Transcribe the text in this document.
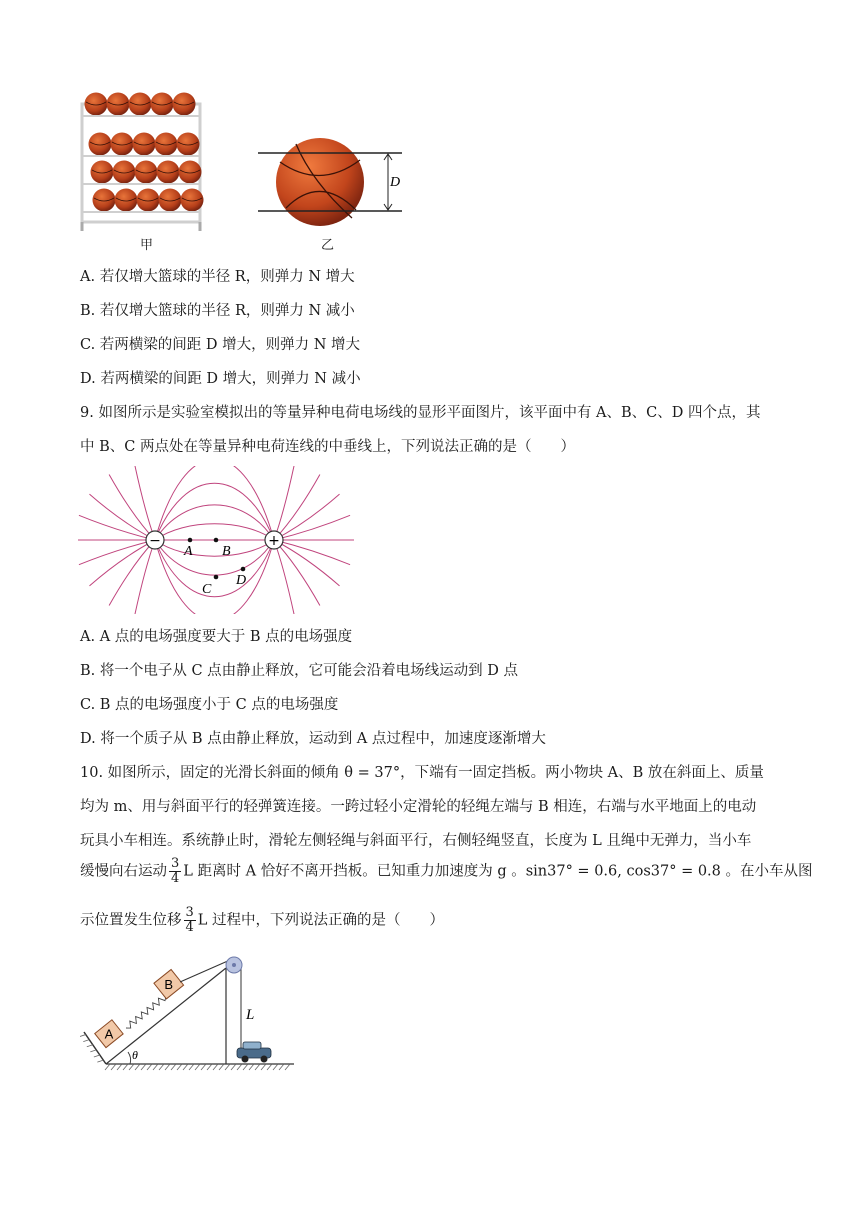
甲
D
乙
A. 若仅增大篮球的半径 R，则弹力 N 增大
B. 若仅增大篮球的半径 R，则弹力 N 减小
C. 若两横梁的间距 D 增大，则弹力 N 增大
D. 若两横梁的间距 D 增大，则弹力 N 减小
9. 如图所示是实验室模拟出的等量异种电荷电场线的显形平面图片，该平面中有 A、B、C、D 四个点，其
中 B、C 两点处在等量异种电荷连线的中垂线上，下列说法正确的是（　　）
−	+
A B
C
D
A. A 点的电场强度要大于 B 点的电场强度
B. 将一个电子从 C 点由静止释放，它可能会沿着电场线运动到 D 点
C. B 点的电场强度小于 C 点的电场强度
D. 将一个质子从 B 点由静止释放，运动到 A 点过程中，加速度逐渐增大
10. 如图所示，固定的光滑长斜面的倾角 θ = 37°，下端有一固定挡板。两小物块 A、B 放在斜面上、质量
均为 m、用与斜面平行的轻弹簧连接。一跨过轻小定滑轮的轻绳左端与 B 相连，右端与水平地面上的电动
玩具小车相连。系统静止时，滑轮左侧轻绳与斜面平行，右侧轻绳竖直，长度为 L 且绳中无弹力，当小车
缓慢向右运动 $\frac{3}{4}$ L 距离时 A 恰好不离开挡板。已知重力加速度为 g 。sin37° = 0.6, cos37° = 0.8 。在小车从图
示位置发生位移 $\frac{3}{4}$ L 过程中，下列说法正确的是（　　）
A
B
L
θ
